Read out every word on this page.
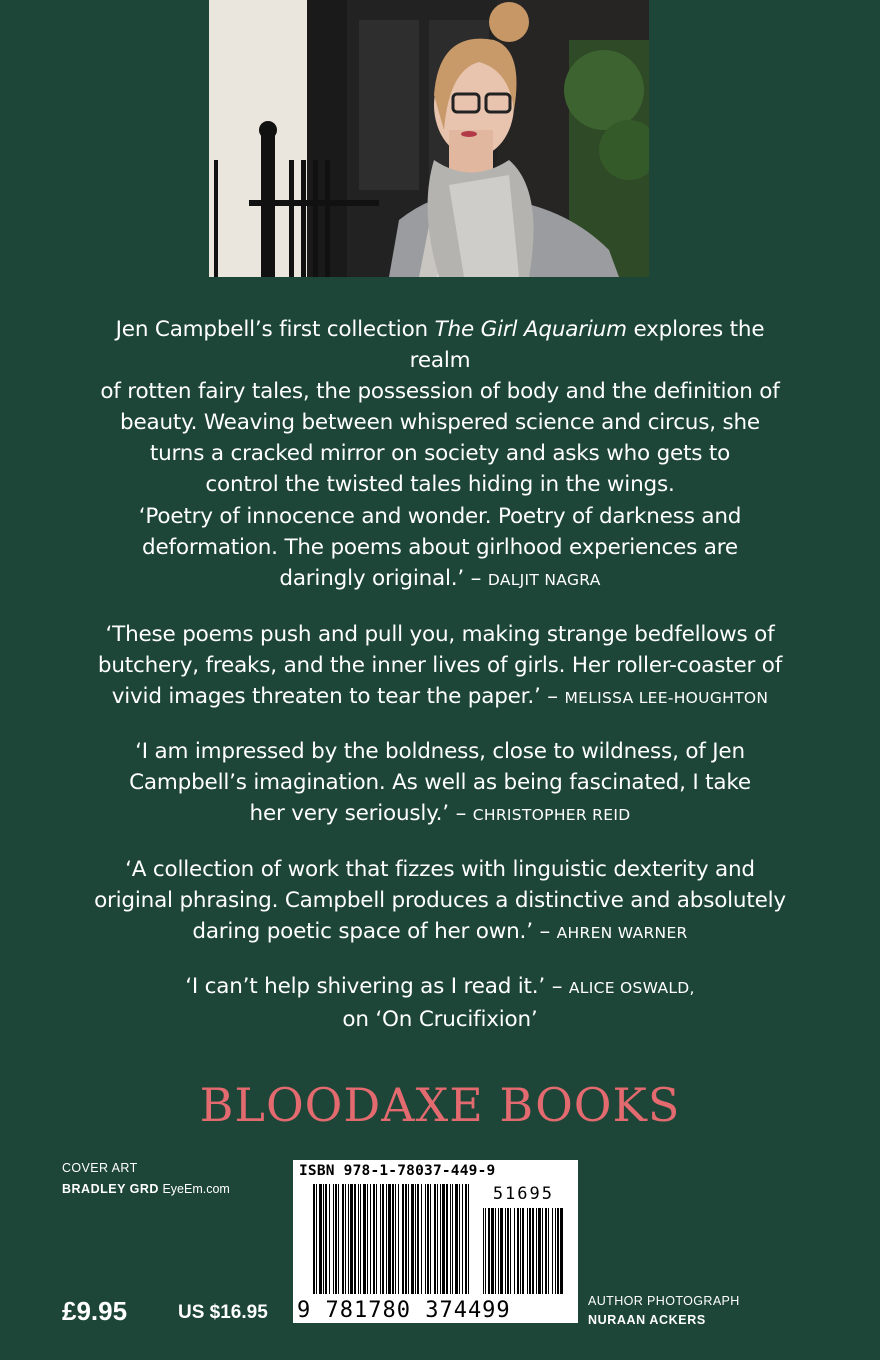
Jen Campbell’s first collection The Girl Aquarium explores the realm
of rotten fairy tales, the possession of body and the definition of
beauty. Weaving between whispered science and circus, she
turns a cracked mirror on society and asks who gets to
control the twisted tales hiding in the wings.
‘Poetry of innocence and wonder. Poetry of darkness and
deformation. The poems about girlhood experiences are
daringly original.’ – DALJIT NAGRA
‘These poems push and pull you, making strange bedfellows of
butchery, freaks, and the inner lives of girls. Her roller-coaster of
vivid images threaten to tear the paper.’ – MELISSA LEE-HOUGHTON
‘I am impressed by the boldness, close to wildness, of Jen
Campbell’s imagination. As well as being fascinated, I take
her very seriously.’ – CHRISTOPHER REID
‘A collection of work that fizzes with linguistic dexterity and
original phrasing. Campbell produces a distinctive and absolutely
daring poetic space of her own.’ – AHREN WARNER
‘I can’t help shivering as I read it.’ – ALICE OSWALD,
on ‘On Crucifixion’
BLOODAXE BOOKS
COVER ART
BRADLEY GRD EyeEm.com
ISBN 978-1-78037-449-9
51695
9 781780 374499
£9.95	US $16.95
AUTHOR PHOTOGRAPH
NURAAN ACKERS
